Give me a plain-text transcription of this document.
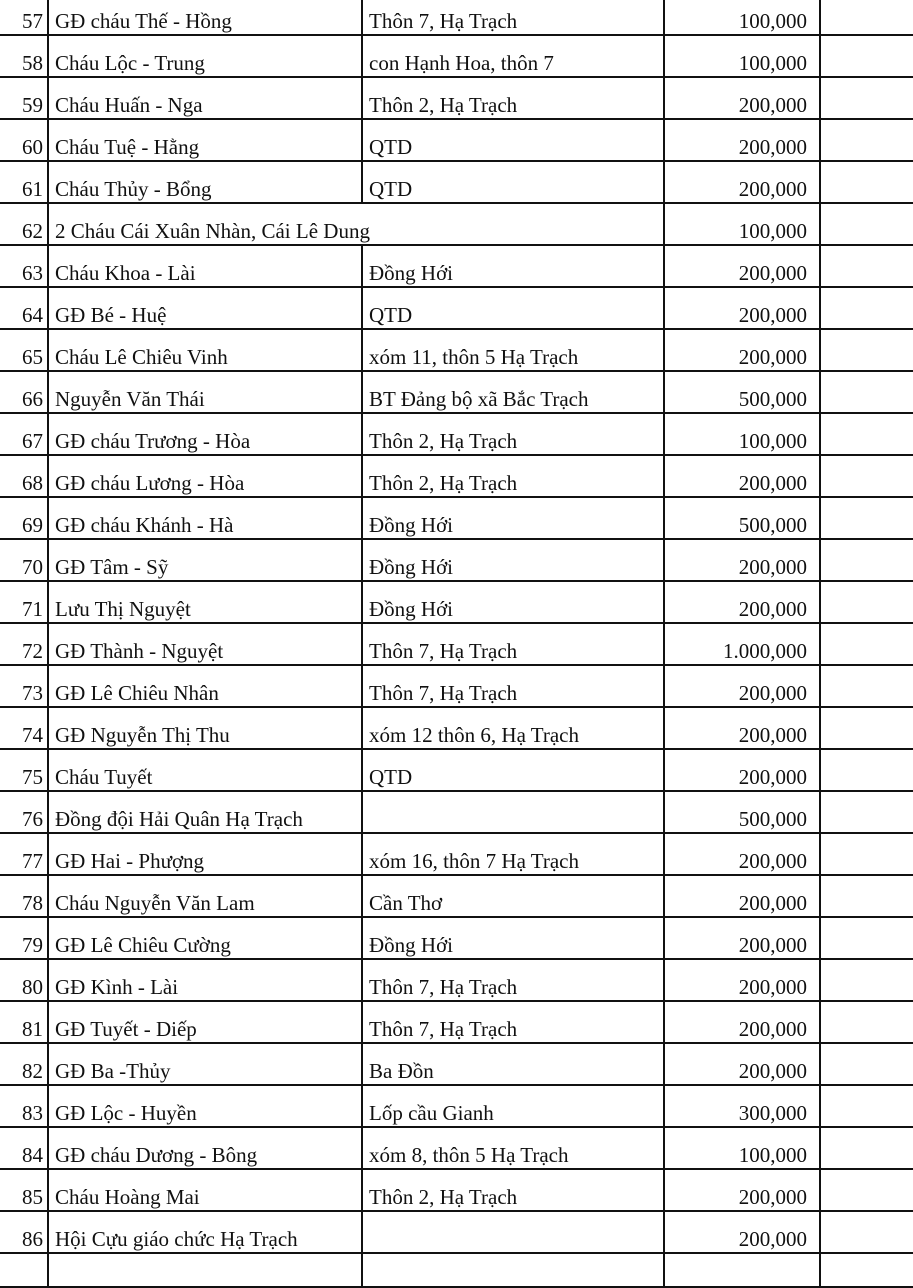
57	GĐ cháu Thế - Hồng	Thôn 7, Hạ Trạch	100,000	
58	Cháu Lộc - Trung	con Hạnh Hoa, thôn 7	100,000	
59	Cháu Huấn - Nga	Thôn 2, Hạ Trạch	200,000	
60	Cháu Tuệ - Hằng	QTD	200,000	
61	Cháu Thủy - Bổng	QTD	200,000	
62	2 Cháu Cái Xuân Nhàn, Cái Lê Dung		100,000	
63	Cháu Khoa - Lài	Đồng Hới	200,000	
64	GĐ Bé - Huệ	QTD	200,000	
65	Cháu Lê Chiêu Vinh	xóm 11, thôn 5 Hạ Trạch	200,000	
66	Nguyễn Văn Thái	BT Đảng bộ xã Bắc Trạch	500,000	
67	GĐ cháu Trương - Hòa	Thôn 2, Hạ Trạch	100,000	
68	GĐ cháu Lương - Hòa	Thôn 2, Hạ Trạch	200,000	
69	GĐ cháu Khánh - Hà	Đồng Hới	500,000	
70	GĐ Tâm - Sỹ	Đồng Hới	200,000	
71	Lưu Thị Nguyệt	Đồng Hới	200,000	
72	GĐ Thành - Nguyệt	Thôn 7, Hạ Trạch	1.000,000	
73	GĐ Lê Chiêu Nhân	Thôn 7, Hạ Trạch	200,000	
74	GĐ Nguyễn Thị Thu	xóm 12 thôn 6, Hạ Trạch	200,000	
75	Cháu Tuyết	QTD	200,000	
76	Đồng đội Hải Quân Hạ Trạch		500,000	
77	GĐ Hai - Phượng	xóm 16, thôn 7 Hạ Trạch	200,000	
78	Cháu Nguyễn Văn Lam	Cần Thơ	200,000	
79	GĐ Lê Chiêu Cường	Đồng Hới	200,000	
80	GĐ Kình - Lài	Thôn 7, Hạ Trạch	200,000	
81	GĐ Tuyết - Diếp	Thôn 7, Hạ Trạch	200,000	
82	GĐ Ba -Thủy	Ba Đồn	200,000	
83	GĐ Lộc - Huyền	Lốp cầu Gianh	300,000	
84	GĐ cháu Dương - Bông	xóm 8, thôn 5 Hạ Trạch	100,000	
85	Cháu Hoàng Mai	Thôn 2, Hạ Trạch	200,000	
86	Hội Cựu giáo chức Hạ Trạch		200,000	
